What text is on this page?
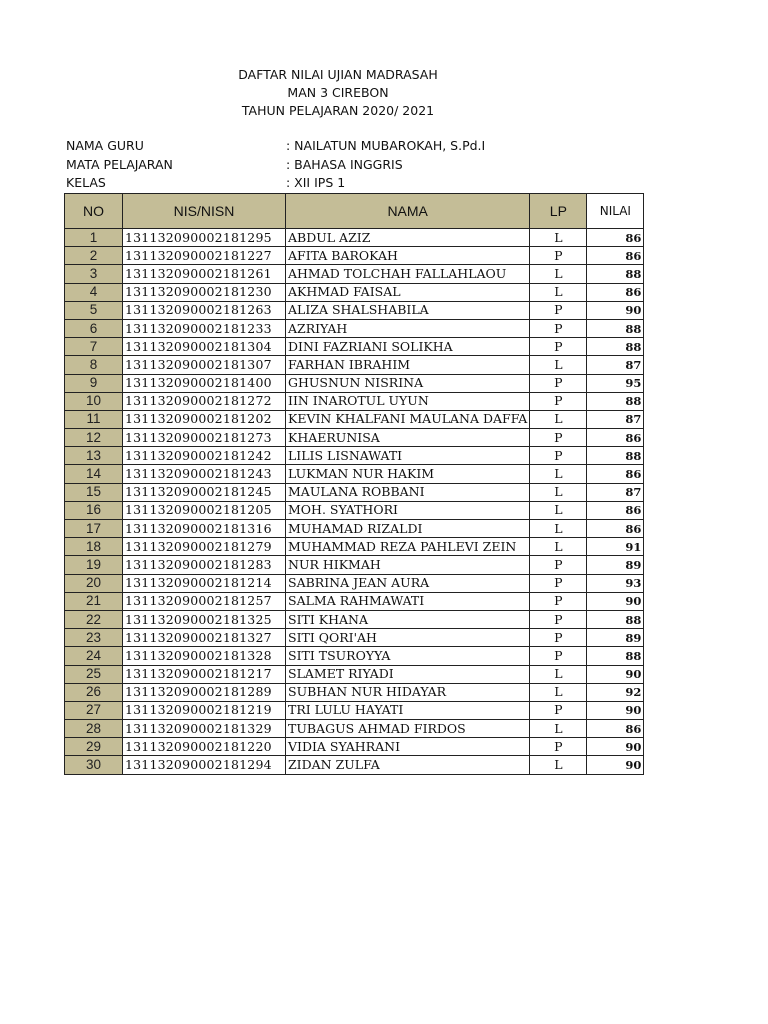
DAFTAR NILAI UJIAN MADRASAH
MAN 3 CIREBON
TAHUN PELAJARAN 2020/ 2021
NAMA GURU	: NAILATUN MUBAROKAH, S.Pd.I
MATA PELAJARAN	: BAHASA INGGRIS
KELAS	: XII IPS 1
NO	NIS/NISN	NAMA	LP	NILAI
1	131132090002181295	ABDUL AZIZ	L	86
2	131132090002181227	AFITA BAROKAH	P	86
3	131132090002181261	AHMAD TOLCHAH FALLAHLAOU	L	88
4	131132090002181230	AKHMAD FAISAL	L	86
5	131132090002181263	ALIZA SHALSHABILA	P	90
6	131132090002181233	AZRIYAH	P	88
7	131132090002181304	DINI FAZRIANI SOLIKHA	P	88
8	131132090002181307	FARHAN IBRAHIM	L	87
9	131132090002181400	GHUSNUN NISRINA	P	95
10	131132090002181272	IIN INAROTUL UYUN	P	88
11	131132090002181202	KEVIN KHALFANI MAULANA DAFFA	L	87
12	131132090002181273	KHAERUNISA	P	86
13	131132090002181242	LILIS LISNAWATI	P	88
14	131132090002181243	LUKMAN NUR HAKIM	L	86
15	131132090002181245	MAULANA ROBBANI	L	87
16	131132090002181205	MOH. SYATHORI	L	86
17	131132090002181316	MUHAMAD RIZALDI	L	86
18	131132090002181279	MUHAMMAD REZA PAHLEVI ZEIN	L	91
19	131132090002181283	NUR HIKMAH	P	89
20	131132090002181214	SABRINA JEAN AURA	P	93
21	131132090002181257	SALMA RAHMAWATI	P	90
22	131132090002181325	SITI KHANA	P	88
23	131132090002181327	SITI QORI'AH	P	89
24	131132090002181328	SITI TSUROYYA	P	88
25	131132090002181217	SLAMET RIYADI	L	90
26	131132090002181289	SUBHAN NUR HIDAYAR	L	92
27	131132090002181219	TRI LULU HAYATI	P	90
28	131132090002181329	TUBAGUS AHMAD FIRDOS	L	86
29	131132090002181220	VIDIA SYAHRANI	P	90
30	131132090002181294	ZIDAN ZULFA	L	90
